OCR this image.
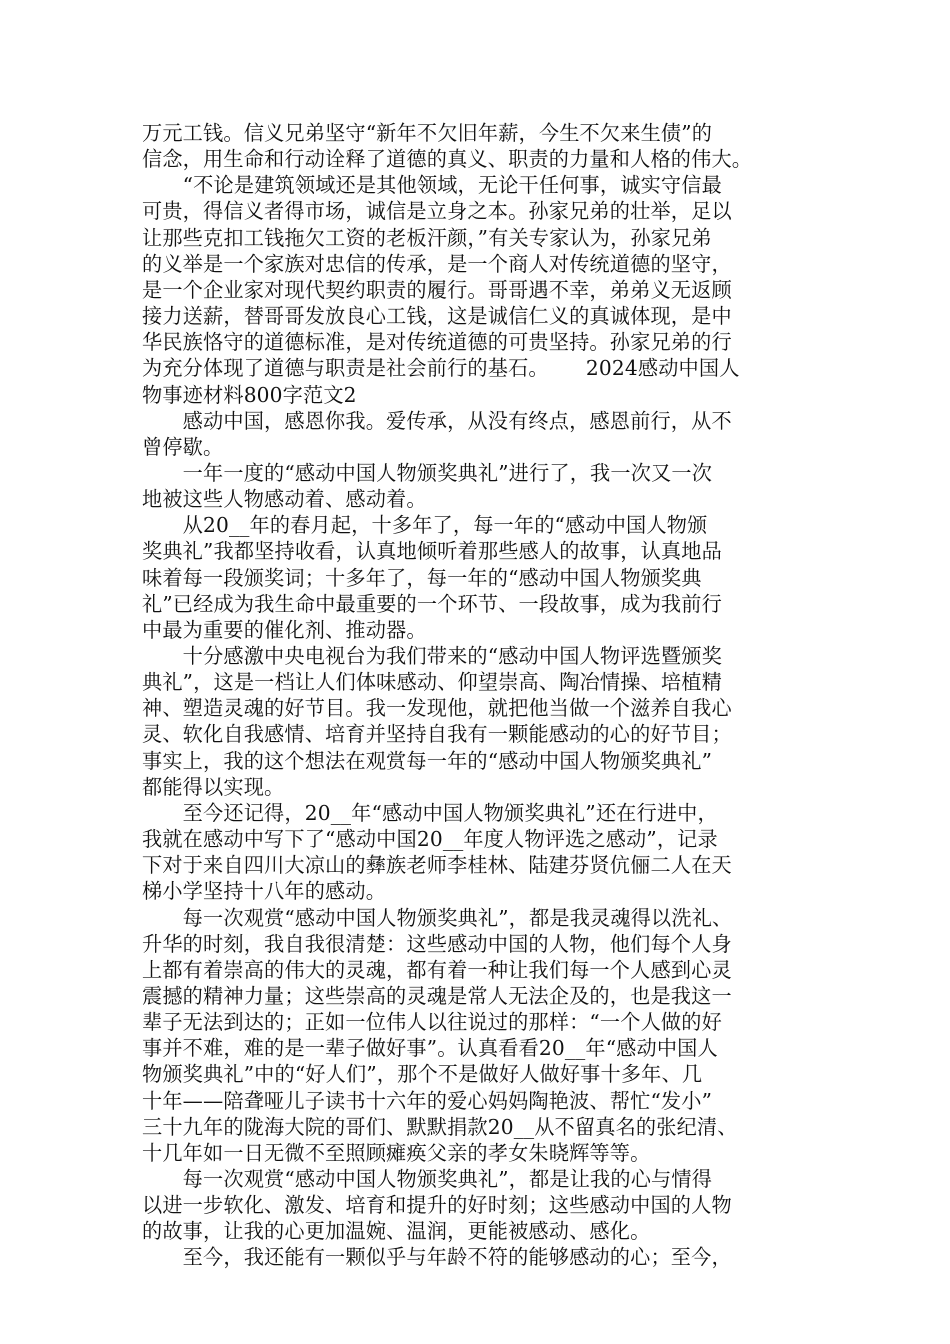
万元工钱。信义兄弟坚守“新年不欠旧年薪，今生不欠来生债”的
信念，用生命和行动诠释了道德的真义、职责的力量和人格的伟大。
　　“不论是建筑领域还是其他领域，无论干任何事，诚实守信最
可贵，得信义者得市场，诚信是立身之本。孙家兄弟的壮举，足以
让那些克扣工钱拖欠工资的老板汗颜，”有关专家认为，孙家兄弟
的义举是一个家族对忠信的传承，是一个商人对传统道德的坚守，
是一个企业家对现代契约职责的履行。哥哥遇不幸，弟弟义无返顾
接力送薪，替哥哥发放良心工钱，这是诚信仁义的真诚体现，是中
华民族恪守的道德标准，是对传统道德的可贵坚持。孙家兄弟的行
为充分体现了道德与职责是社会前行的基石。　　 2024感动中国人
物事迹材料800字范文2
　　感动中国，感恩你我。爱传承，从没有终点，感恩前行，从不
曾停歇。
　　一年一度的“感动中国人物颁奖典礼”进行了，我一次又一次
地被这些人物感动着、感动着。
　　从20__年的春月起，十多年了，每一年的“感动中国人物颁
奖典礼”我都坚持收看，认真地倾听着那些感人的故事，认真地品
味着每一段颁奖词；十多年了，每一年的“感动中国人物颁奖典
礼”已经成为我生命中最重要的一个环节、一段故事，成为我前行
中最为重要的催化剂、推动器。
　　十分感激中央电视台为我们带来的“感动中国人物评选暨颁奖
典礼”，这是一档让人们体味感动、仰望崇高、陶冶情操、培植精
神、塑造灵魂的好节目。我一发现他，就把他当做一个滋养自我心
灵、软化自我感情、培育并坚持自我有一颗能感动的心的好节目；
事实上，我的这个想法在观赏每一年的“感动中国人物颁奖典礼”
都能得以实现。
　　至今还记得，20__年“感动中国人物颁奖典礼”还在行进中，
我就在感动中写下了“感动中国20__年度人物评选之感动”，记录
下对于来自四川大凉山的彝族老师李桂林、陆建芬贤伉俪二人在天
梯小学坚持十八年的感动。
　　每一次观赏“感动中国人物颁奖典礼”，都是我灵魂得以洗礼、
升华的时刻，我自我很清楚：这些感动中国的人物，他们每个人身
上都有着崇高的伟大的灵魂，都有着一种让我们每一个人感到心灵
震撼的精神力量；这些崇高的灵魂是常人无法企及的，也是我这一
辈子无法到达的；正如一位伟人以往说过的那样：“一个人做的好
事并不难，难的是一辈子做好事”。认真看看20__年“感动中国人
物颁奖典礼”中的“好人们”，那个不是做好人做好事十多年、几
十年——陪聋哑儿子读书十六年的爱心妈妈陶艳波、帮忙“发小”
三十九年的陇海大院的哥们、默默捐款20__从不留真名的张纪清、
十几年如一日无微不至照顾瘫痪父亲的孝女朱晓辉等等。
　　每一次观赏“感动中国人物颁奖典礼”，都是让我的心与情得
以进一步软化、激发、培育和提升的好时刻；这些感动中国的人物
的故事，让我的心更加温婉、温润，更能被感动、感化。
　　至今，我还能有一颗似乎与年龄不符的能够感动的心；至今，
